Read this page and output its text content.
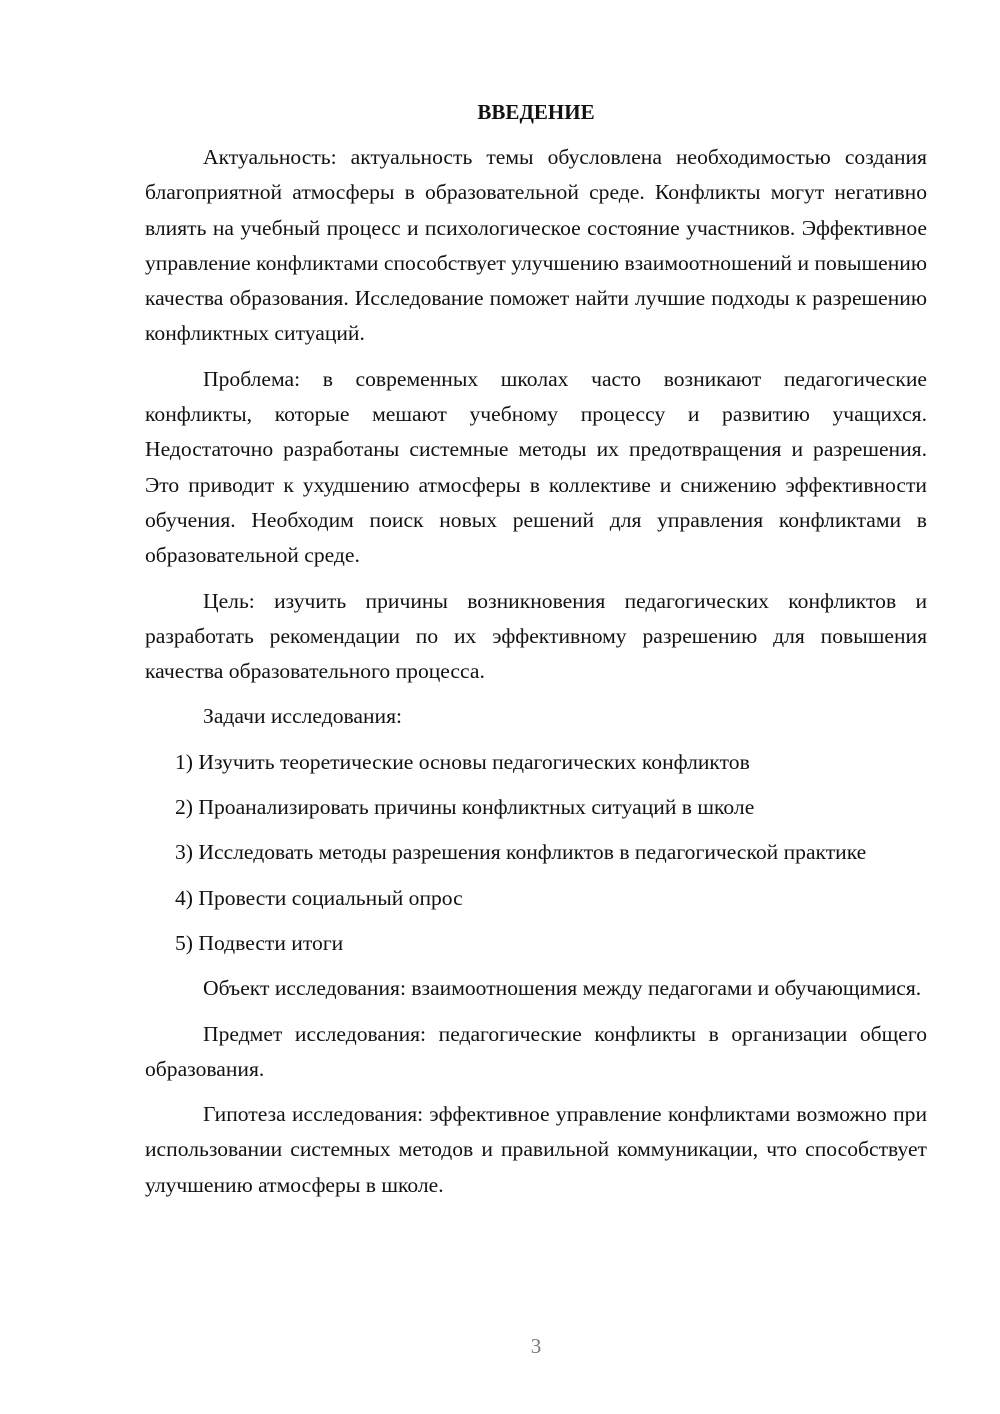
ВВЕДЕНИЕ
Актуальность: актуальность темы обусловлена необходимостью создания благоприятной атмосферы в образовательной среде. Конфликты могут негативно влиять на учебный процесс и психологическое состояние участников. Эффективное управление конфликтами способствует улучшению взаимоотношений и повышению качества образования. Исследование поможет найти лучшие подходы к разрешению конфликтных ситуаций.
Проблема: в современных школах часто возникают педагогические конфликты, которые мешают учебному процессу и развитию учащихся. Недостаточно разработаны системные методы их предотвращения и разрешения. Это приводит к ухудшению атмосферы в коллективе и снижению эффективности обучения. Необходим поиск новых решений для управления конфликтами в образовательной среде.
Цель: изучить причины возникновения педагогических конфликтов и разработать рекомендации по их эффективному разрешению для повышения качества образовательного процесса.
Задачи исследования:
1) Изучить теоретические основы педагогических конфликтов
2) Проанализировать причины конфликтных ситуаций в школе
3) Исследовать методы разрешения конфликтов в педагогической практике
4) Провести социальный опрос
5) Подвести итоги
Объект исследования: взаимоотношения между педагогами и обучающимися.
Предмет исследования: педагогические конфликты в организации общего образования.
Гипотеза исследования: эффективное управление конфликтами возможно при использовании системных методов и правильной коммуникации, что способствует улучшению атмосферы в школе.
3
